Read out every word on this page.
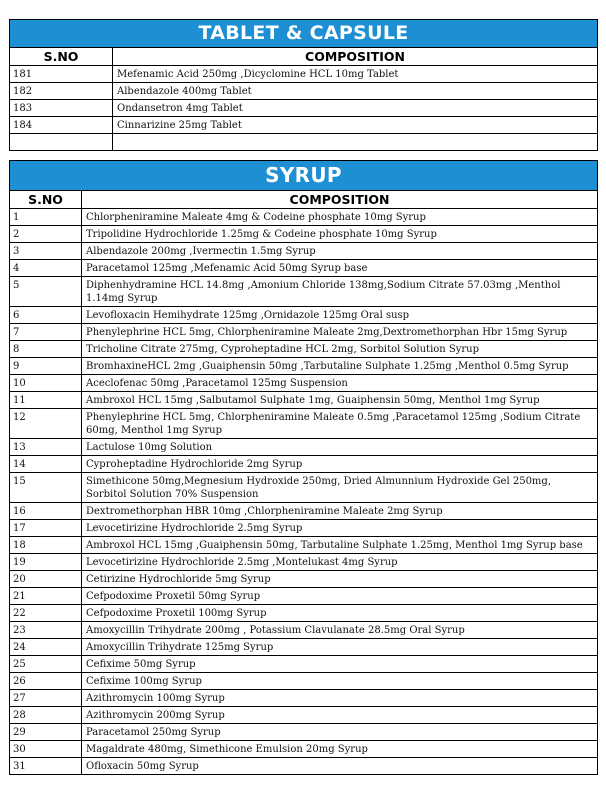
TABLET & CAPSULE	
S.NO	COMPOSITION
181	Mefenamic Acid 250mg ,Dicyclomine HCL 10mg Tablet
182	Albendazole 400mg Tablet
183	Ondansetron 4mg Tablet
184	Cinnarizine 25mg Tablet

SYRUP	
S.NO	COMPOSITION
1	Chlorpheniramine Maleate 4mg & Codeine phosphate 10mg Syrup
2	Tripolidine Hydrochloride 1.25mg & Codeine phosphate 10mg Syrup
3	Albendazole 200mg ,Ivermectin 1.5mg Syrup
4	Paracetamol 125mg ,Mefenamic Acid 50mg Syrup base
5	Diphenhydramine HCL 14.8mg ,Amonium Chloride 138mg,Sodium Citrate 57.03mg ,Menthol 1.14mg Syrup
6	Levofloxacin Hemihydrate 125mg ,Ornidazole 125mg Oral susp
7	Phenylephrine HCL 5mg, Chlorpheniramine Maleate 2mg,Dextromethorphan Hbr 15mg Syrup
8	Tricholine Citrate 275mg, Cyproheptadine HCL 2mg, Sorbitol Solution Syrup
9	BromhaxineHCL 2mg ,Guaiphensin 50mg ,Tarbutaline Sulphate 1.25mg ,Menthol 0.5mg Syrup
10	Aceclofenac 50mg ,Paracetamol 125mg Suspension
11	Ambroxol HCL 15mg ,Salbutamol Sulphate 1mg, Guaiphensin 50mg, Menthol 1mg Syrup
12	Phenylephrine HCL 5mg, Chlorpheniramine Maleate 0.5mg ,Paracetamol 125mg ,Sodium Citrate 60mg, Menthol 1mg Syrup
13	Lactulose 10mg Solution
14	Cyproheptadine Hydrochloride 2mg Syrup
15	Simethicone 50mg,Megnesium Hydroxide 250mg, Dried Almunnium Hydroxide Gel 250mg, Sorbitol Solution 70% Suspension
16	Dextromethorphan HBR 10mg ,Chlorpheniramine Maleate 2mg Syrup
17	Levocetirizine Hydrochloride 2.5mg Syrup
18	Ambroxol HCL 15mg ,Guaiphensin 50mg, Tarbutaline Sulphate 1.25mg, Menthol 1mg Syrup base
19	Levocetirizine Hydrochloride 2.5mg ,Montelukast 4mg Syrup
20	Cetirizine Hydrochloride 5mg Syrup
21	Cefpodoxime Proxetil 50mg Syrup
22	Cefpodoxime Proxetil 100mg Syrup
23	Amoxycillin Trihydrate 200mg , Potassium Clavulanate 28.5mg Oral Syrup
24	Amoxycillin Trihydrate 125mg Syrup
25	Cefixime 50mg Syrup
26	Cefixime 100mg Syrup
27	Azithromycin 100mg Syrup
28	Azithromycin 200mg Syrup
29	Paracetamol 250mg Syrup
30	Magaldrate 480mg, Simethicone Emulsion 20mg Syrup
31	Ofloxacin 50mg Syrup
